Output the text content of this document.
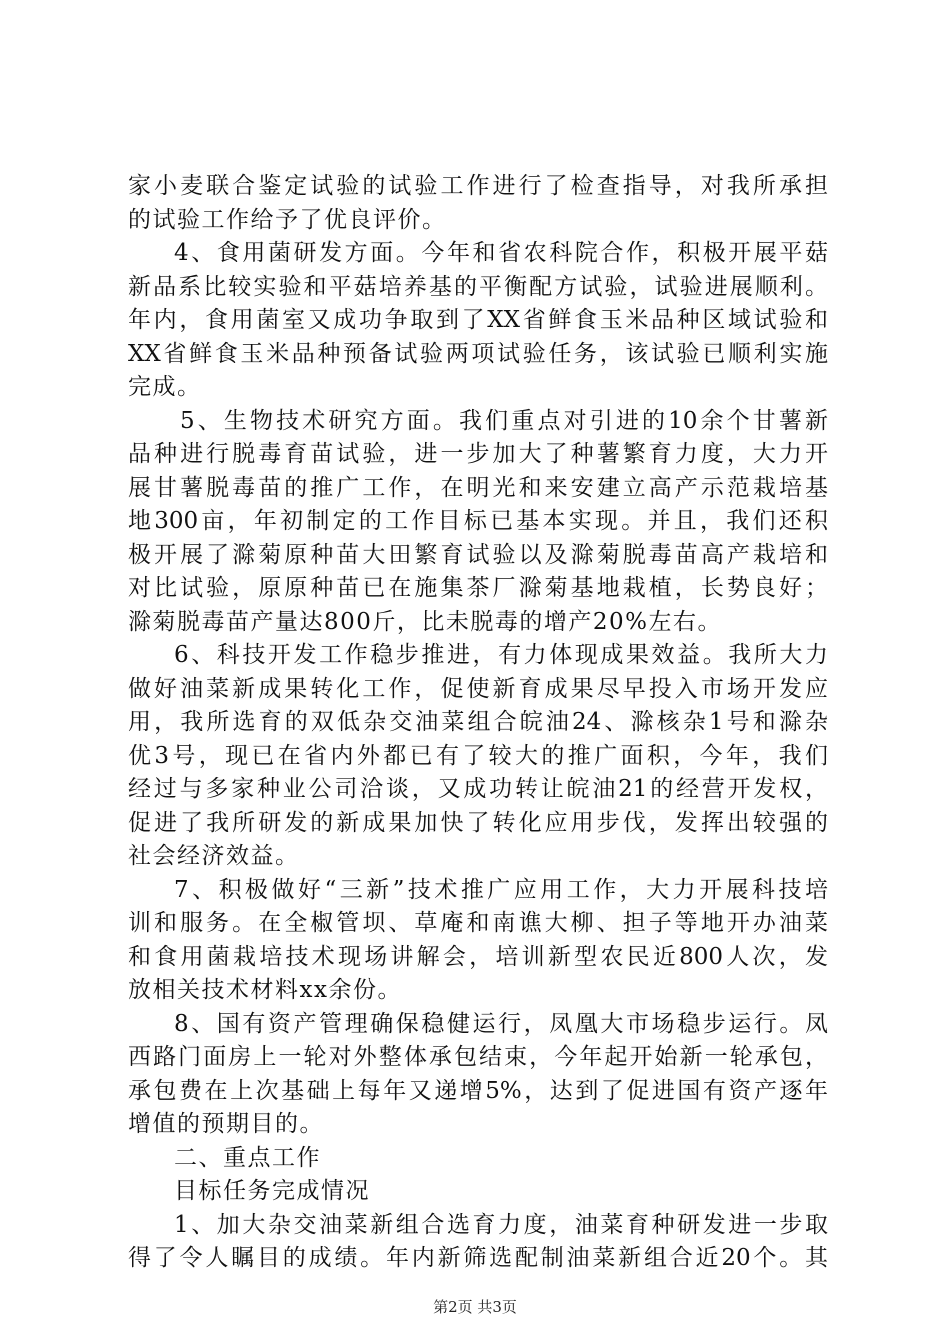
家小麦联合鉴定试验的试验工作进行了检查指导，对我所承担
的试验工作给予了优良评价。
4、食用菌研发方面。今年和省农科院合作，积极开展平菇
新品系比较实验和平菇培养基的平衡配方试验，试验进展顺利。
年内，食用菌室又成功争取到了XX省鲜食玉米品种区域试验和
XX省鲜食玉米品种预备试验两项试验任务，该试验已顺利实施
完成。
5、生物技术研究方面。我们重点对引进的10余个甘薯新
品种进行脱毒育苗试验，进一步加大了种薯繁育力度，大力开
展甘薯脱毒苗的推广工作，在明光和来安建立高产示范栽培基
地300亩，年初制定的工作目标已基本实现。并且，我们还积
极开展了滁菊原种苗大田繁育试验以及滁菊脱毒苗高产栽培和
对比试验，原原种苗已在施集茶厂滁菊基地栽植，长势良好；
滁菊脱毒苗产量达800斤，比未脱毒的增产20%左右。
6、科技开发工作稳步推进，有力体现成果效益。我所大力
做好油菜新成果转化工作，促使新育成果尽早投入市场开发应
用，我所选育的双低杂交油菜组合皖油24、滁核杂1号和滁杂
优3号，现已在省内外都已有了较大的推广面积，今年，我们
经过与多家种业公司洽谈，又成功转让皖油21的经营开发权，
促进了我所研发的新成果加快了转化应用步伐，发挥出较强的
社会经济效益。
7、积极做好“三新”技术推广应用工作，大力开展科技培
训和服务。在全椒管坝、草庵和南谯大柳、担子等地开办油菜
和食用菌栽培技术现场讲解会，培训新型农民近800人次，发
放相关技术材料xx余份。
8、国有资产管理确保稳健运行，凤凰大市场稳步运行。凤
西路门面房上一轮对外整体承包结束，今年起开始新一轮承包，
承包费在上次基础上每年又递增5%，达到了促进国有资产逐年
增值的预期目的。
二、重点工作
目标任务完成情况
1、加大杂交油菜新组合选育力度，油菜育种研发进一步取
得了令人瞩目的成绩。年内新筛选配制油菜新组合近20个。其
第2页 共3页
